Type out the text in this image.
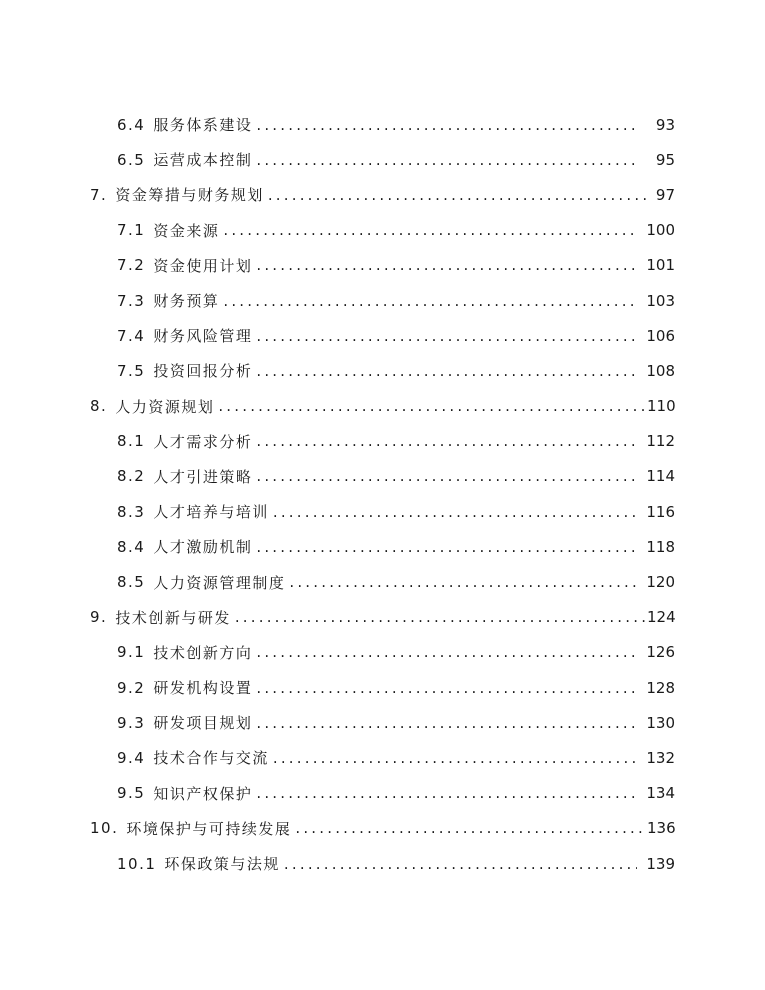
6.4 服务体系建设 .....	93
6.5 运营成本控制 .....	95
7. 资金筹措与财务规划 .....	97
7.1 资金来源 .....	100
7.2 资金使用计划 .....	101
7.3 财务预算 .....	103
7.4 财务风险管理 .....	106
7.5 投资回报分析 .....	108
8. 人力资源规划 .....	110
8.1 人才需求分析 .....	112
8.2 人才引进策略 .....	114
8.3 人才培养与培训 .....	116
8.4 人才激励机制 .....	118
8.5 人力资源管理制度 .....	120
9. 技术创新与研发 .....	124
9.1 技术创新方向 .....	126
9.2 研发机构设置 .....	128
9.3 研发项目规划 .....	130
9.4 技术合作与交流 .....	132
9.5 知识产权保护 .....	134
10. 环境保护与可持续发展 .....	136
10.1 环保政策与法规 .....	139
